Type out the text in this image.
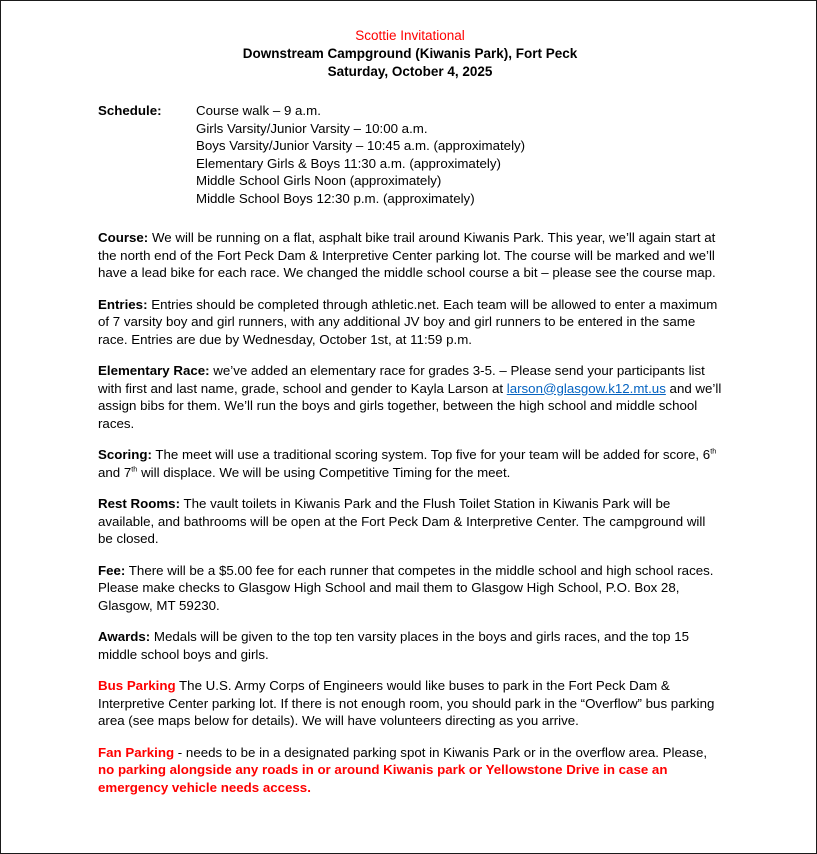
Scottie Invitational
Downstream Campground (Kiwanis Park), Fort Peck
Saturday, October 4, 2025
Schedule:	Course walk – 9 a.m.
Girls Varsity/Junior Varsity – 10:00 a.m.
Boys Varsity/Junior Varsity – 10:45 a.m. (approximately)
Elementary Girls & Boys 11:30 a.m. (approximately)
Middle School Girls Noon (approximately)
Middle School Boys 12:30 p.m. (approximately)

Course: We will be running on a flat, asphalt bike trail around Kiwanis Park. This year, we’ll again start at the north end of the Fort Peck Dam & Interpretive Center parking lot. The course will be marked and we’ll have a lead bike for each race. We changed the middle school course a bit – please see the course map.

Entries: Entries should be completed through athletic.net. Each team will be allowed to enter a maximum of 7 varsity boy and girl runners, with any additional JV boy and girl runners to be entered in the same race. Entries are due by Wednesday, October 1st, at 11:59 p.m.

Elementary Race: we’ve added an elementary race for grades 3-5. – Please send your participants list with first and last name, grade, school and gender to Kayla Larson at larson@glasgow.k12.mt.us and we’ll assign bibs for them. We’ll run the boys and girls together, between the high school and middle school races.

Scoring: The meet will use a traditional scoring system. Top five for your team will be added for score, 6th and 7th will displace. We will be using Competitive Timing for the meet.

Rest Rooms: The vault toilets in Kiwanis Park and the Flush Toilet Station in Kiwanis Park will be available, and bathrooms will be open at the Fort Peck Dam & Interpretive Center. The campground will be closed.

Fee: There will be a $5.00 fee for each runner that competes in the middle school and high school races. Please make checks to Glasgow High School and mail them to Glasgow High School, P.O. Box 28, Glasgow, MT 59230.

Awards: Medals will be given to the top ten varsity places in the boys and girls races, and the top 15 middle school boys and girls.

Bus Parking The U.S. Army Corps of Engineers would like buses to park in the Fort Peck Dam & Interpretive Center parking lot. If there is not enough room, you should park in the “Overflow” bus parking area (see maps below for details). We will have volunteers directing as you arrive.

Fan Parking - needs to be in a designated parking spot in Kiwanis Park or in the overflow area. Please, no parking alongside any roads in or around Kiwanis park or Yellowstone Drive in case an emergency vehicle needs access.
